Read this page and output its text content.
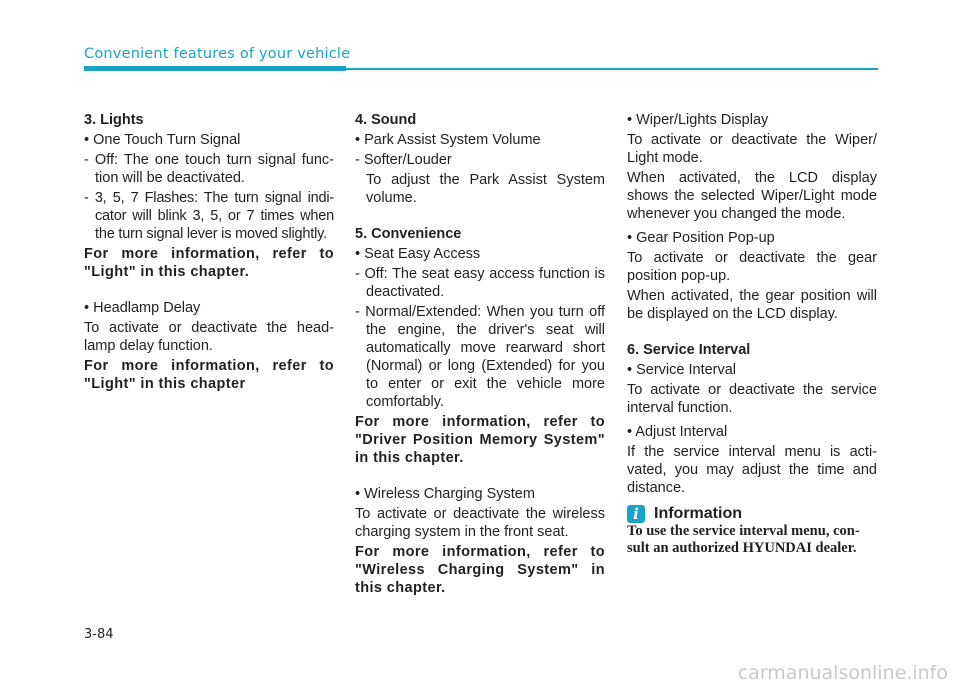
Convenient features of your vehicle

3. Lights

• One Touch Turn Signal

- Off: The one touch turn signal func-tion will be deactivated.

- 3, 5, 7 Flashes: The turn signal indi-cator will blink 3, 5, or 7 times when the turn signal lever is moved slightly.

For more information, refer to "Light" in this chapter.

• Headlamp Delay

To activate or deactivate the head-lamp delay function.

For more information, refer to "Light" in this chapter

4. Sound

• Park Assist System Volume

- Softer/Louder

To adjust the Park Assist System volume.

5. Convenience

• Seat Easy Access

- Off: The seat easy access function is deactivated.

- Normal/Extended: When you turn off the engine, the driver's seat will automatically move rearward short (Normal) or long (Extended) for you to enter or exit the vehicle more comfortably.

For more information, refer to "Driver Position Memory System" in this chapter.

• Wireless Charging System

To activate or deactivate the wireless charging system in the front seat.

For more information, refer to "Wireless Charging System" in this chapter.

• Wiper/Lights Display

To activate or deactivate the Wiper/ Light mode.

When activated, the LCD display shows the selected Wiper/Light mode whenever you changed the mode.

• Gear Position Pop-up

To activate or deactivate the gear position pop-up.

When activated, the gear position will be displayed on the LCD display.

6. Service Interval

• Service Interval

To activate or deactivate the service interval function.

• Adjust Interval

If the service interval menu is acti-vated, you may adjust the time and distance.

i Information

To use the service interval menu, con-sult an authorized HYUNDAI dealer.

3-84
carmanualsonline.info
